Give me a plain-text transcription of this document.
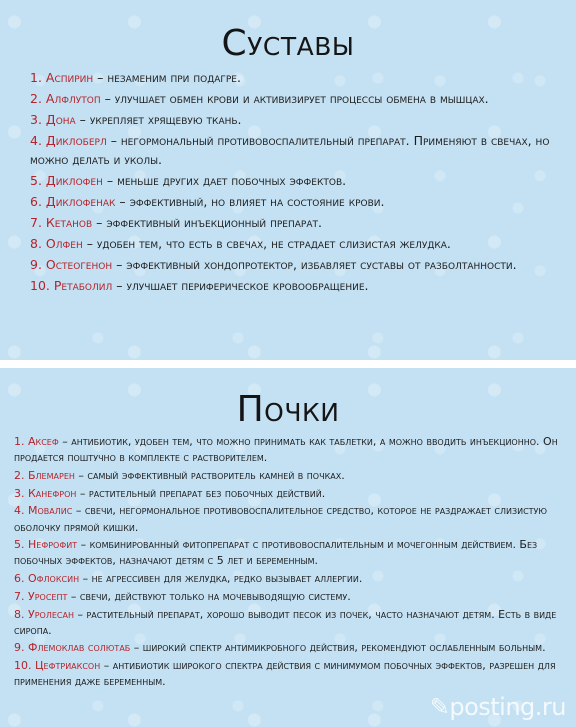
Суставы
1. Аспирин – незаменим при подагре.
2. Алфлутоп – улучшает обмен крови и активизирует процессы обмена в мышцах.
3. Дона – укрепляет хрящевую ткань.
4. Диклоберл – негормональный противовоспалительный препарат. Применяют в свечах, но можно делать и уколы.
5. Диклофен – меньше других дает побочных эффектов.
6. Диклофенак – эффективный, но влияет на состояние крови.
7. Кетанов – эффективный инъекционный препарат.
8. Олфен – удобен тем, что есть в свечах, не страдает слизистая желудка.
9. Остеогенон – эффективный хондопротектор, избавляет суставы от разболтанности.
10. Ретаболил – улучшает периферическое кровообращение.
Почки
1. Аксеф – антибиотик, удобен тем, что можно принимать как таблетки, а можно вводить инъекционно. Он продается поштучно в комплекте с растворителем.
2. Блемарен – самый эффективный растворитель камней в почках.
3. Канефрон – растительный препарат без побочных действий.
4. Мовалис – свечи, негормональное противовоспалительное средство, которое не раздражает слизистую оболочку прямой кишки.
5. Нефрофит – комбинированный фитопрепарат с противовоспалительным и мочегонным действием. Без побочных эффектов, назначают детям с 5 лет и беременным.
6. Офлоксин – не агрессивен для желудка, редко вызывает аллергии.
7. Уросепт – свечи, действуют только на мочевыводящую систему.
8. Уролесан – растительный препарат, хорошо выводит песок из почек, часто назначают детям. Есть в виде сиропа.
9. Флемоклав солютаб – широкий спектр антимикробного действия, рекомендуют ослабленным больным.
10. Цефтриаксон – антибиотик широкого спектра действия с минимумом побочных эффектов, разрешен для применения даже беременным.
✎posting.ru
